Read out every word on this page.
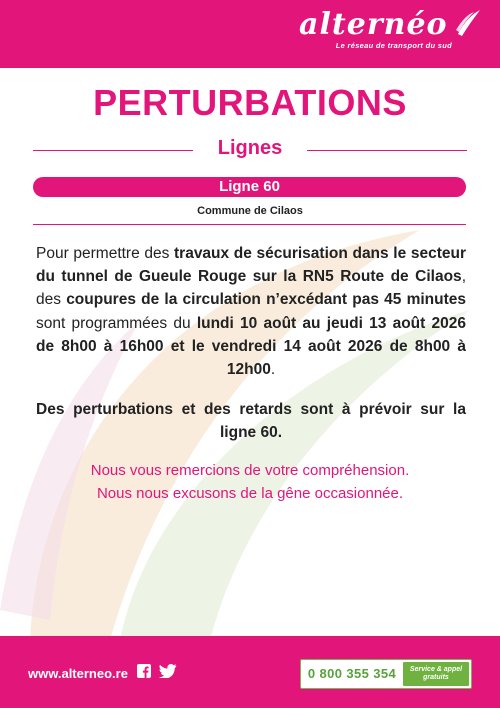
alternéo
Le réseau de transport du sud
PERTURBATIONS
Lignes
Ligne 60
Commune de Cilaos
Pour permettre des travaux de sécurisation dans le secteur du tunnel de Gueule Rouge sur la RN5 Route de Cilaos, des coupures de la circulation n’excédant pas 45 minutes sont programmées du lundi 10 août au jeudi 13 août 2026 de 8h00 à 16h00 et le vendredi 14 août 2026 de 8h00 à 12h00.
Des perturbations et des retards sont à prévoir sur la ligne 60.
Nous vous remercions de votre compréhension.
Nous nous excusons de la gêne occasionnée.
www.alterneo.re
	0 800 355 354	Service & appel
gratuits
